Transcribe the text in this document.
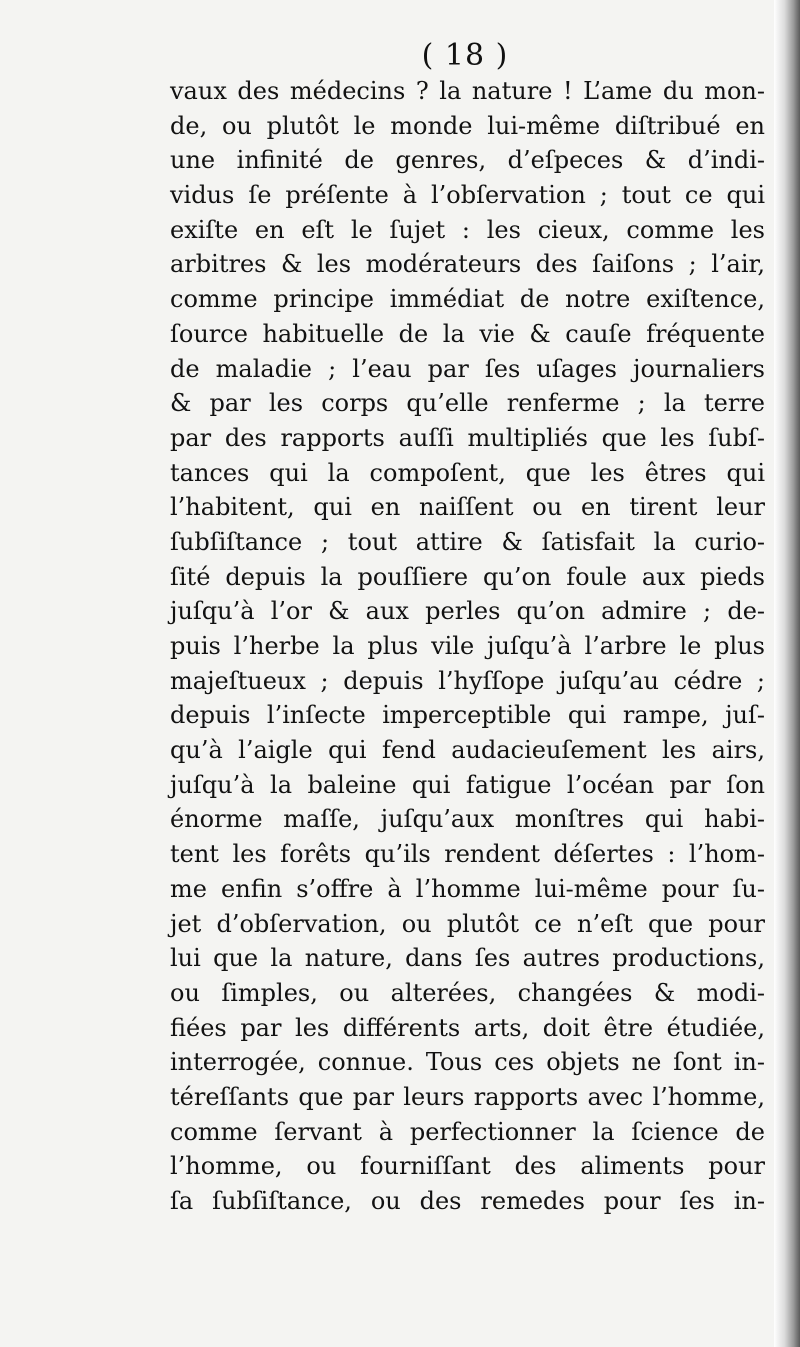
( 18 )
vaux des médecins ? la nature ! L’ame du mon-
de, ou plutôt le monde lui-même diſtribué en
une infinité de genres, d’eſpeces & d’indi-
vidus ſe préſente à l’obſervation ; tout ce qui
exiſte en eſt le ſujet : les cieux, comme les
arbitres & les modérateurs des ſaiſons ; l’air,
comme principe immédiat de notre exiſtence,
ſource habituelle de la vie & cauſe fréquente
de maladie ; l’eau par ſes uſages journaliers
& par les corps qu’elle renferme ; la terre
par des rapports auſſi multipliés que les ſubſ-
tances qui la compoſent, que les êtres qui
l’habitent, qui en naiſſent ou en tirent leur
ſubſiſtance ; tout attire & ſatisfait la curio-
ſité depuis la pouſſiere qu’on foule aux pieds
juſqu’à l’or & aux perles qu’on admire ; de-
puis l’herbe la plus vile juſqu’à l’arbre le plus
majeſtueux ; depuis l’hyſſope juſqu’au cédre ;
depuis l’inſecte imperceptible qui rampe, juſ-
qu’à l’aigle qui fend audacieuſement les airs,
juſqu’à la baleine qui fatigue l’océan par ſon
énorme maſſe, juſqu’aux monſtres qui habi-
tent les forêts qu’ils rendent déſertes : l’hom-
me enfin s’offre à l’homme lui-même pour ſu-
jet d’obſervation, ou plutôt ce n’eſt que pour
lui que la nature, dans ſes autres productions,
ou ſimples, ou alterées, changées & modi-
fiées par les différents arts, doit être étudiée,
interrogée, connue. Tous ces objets ne ſont in-
téreſſants que par leurs rapports avec l’homme,
comme ſervant à perfectionner la ſcience de
l’homme, ou fourniſſant des aliments pour
ſa ſubſiſtance, ou des remedes pour ſes in-
